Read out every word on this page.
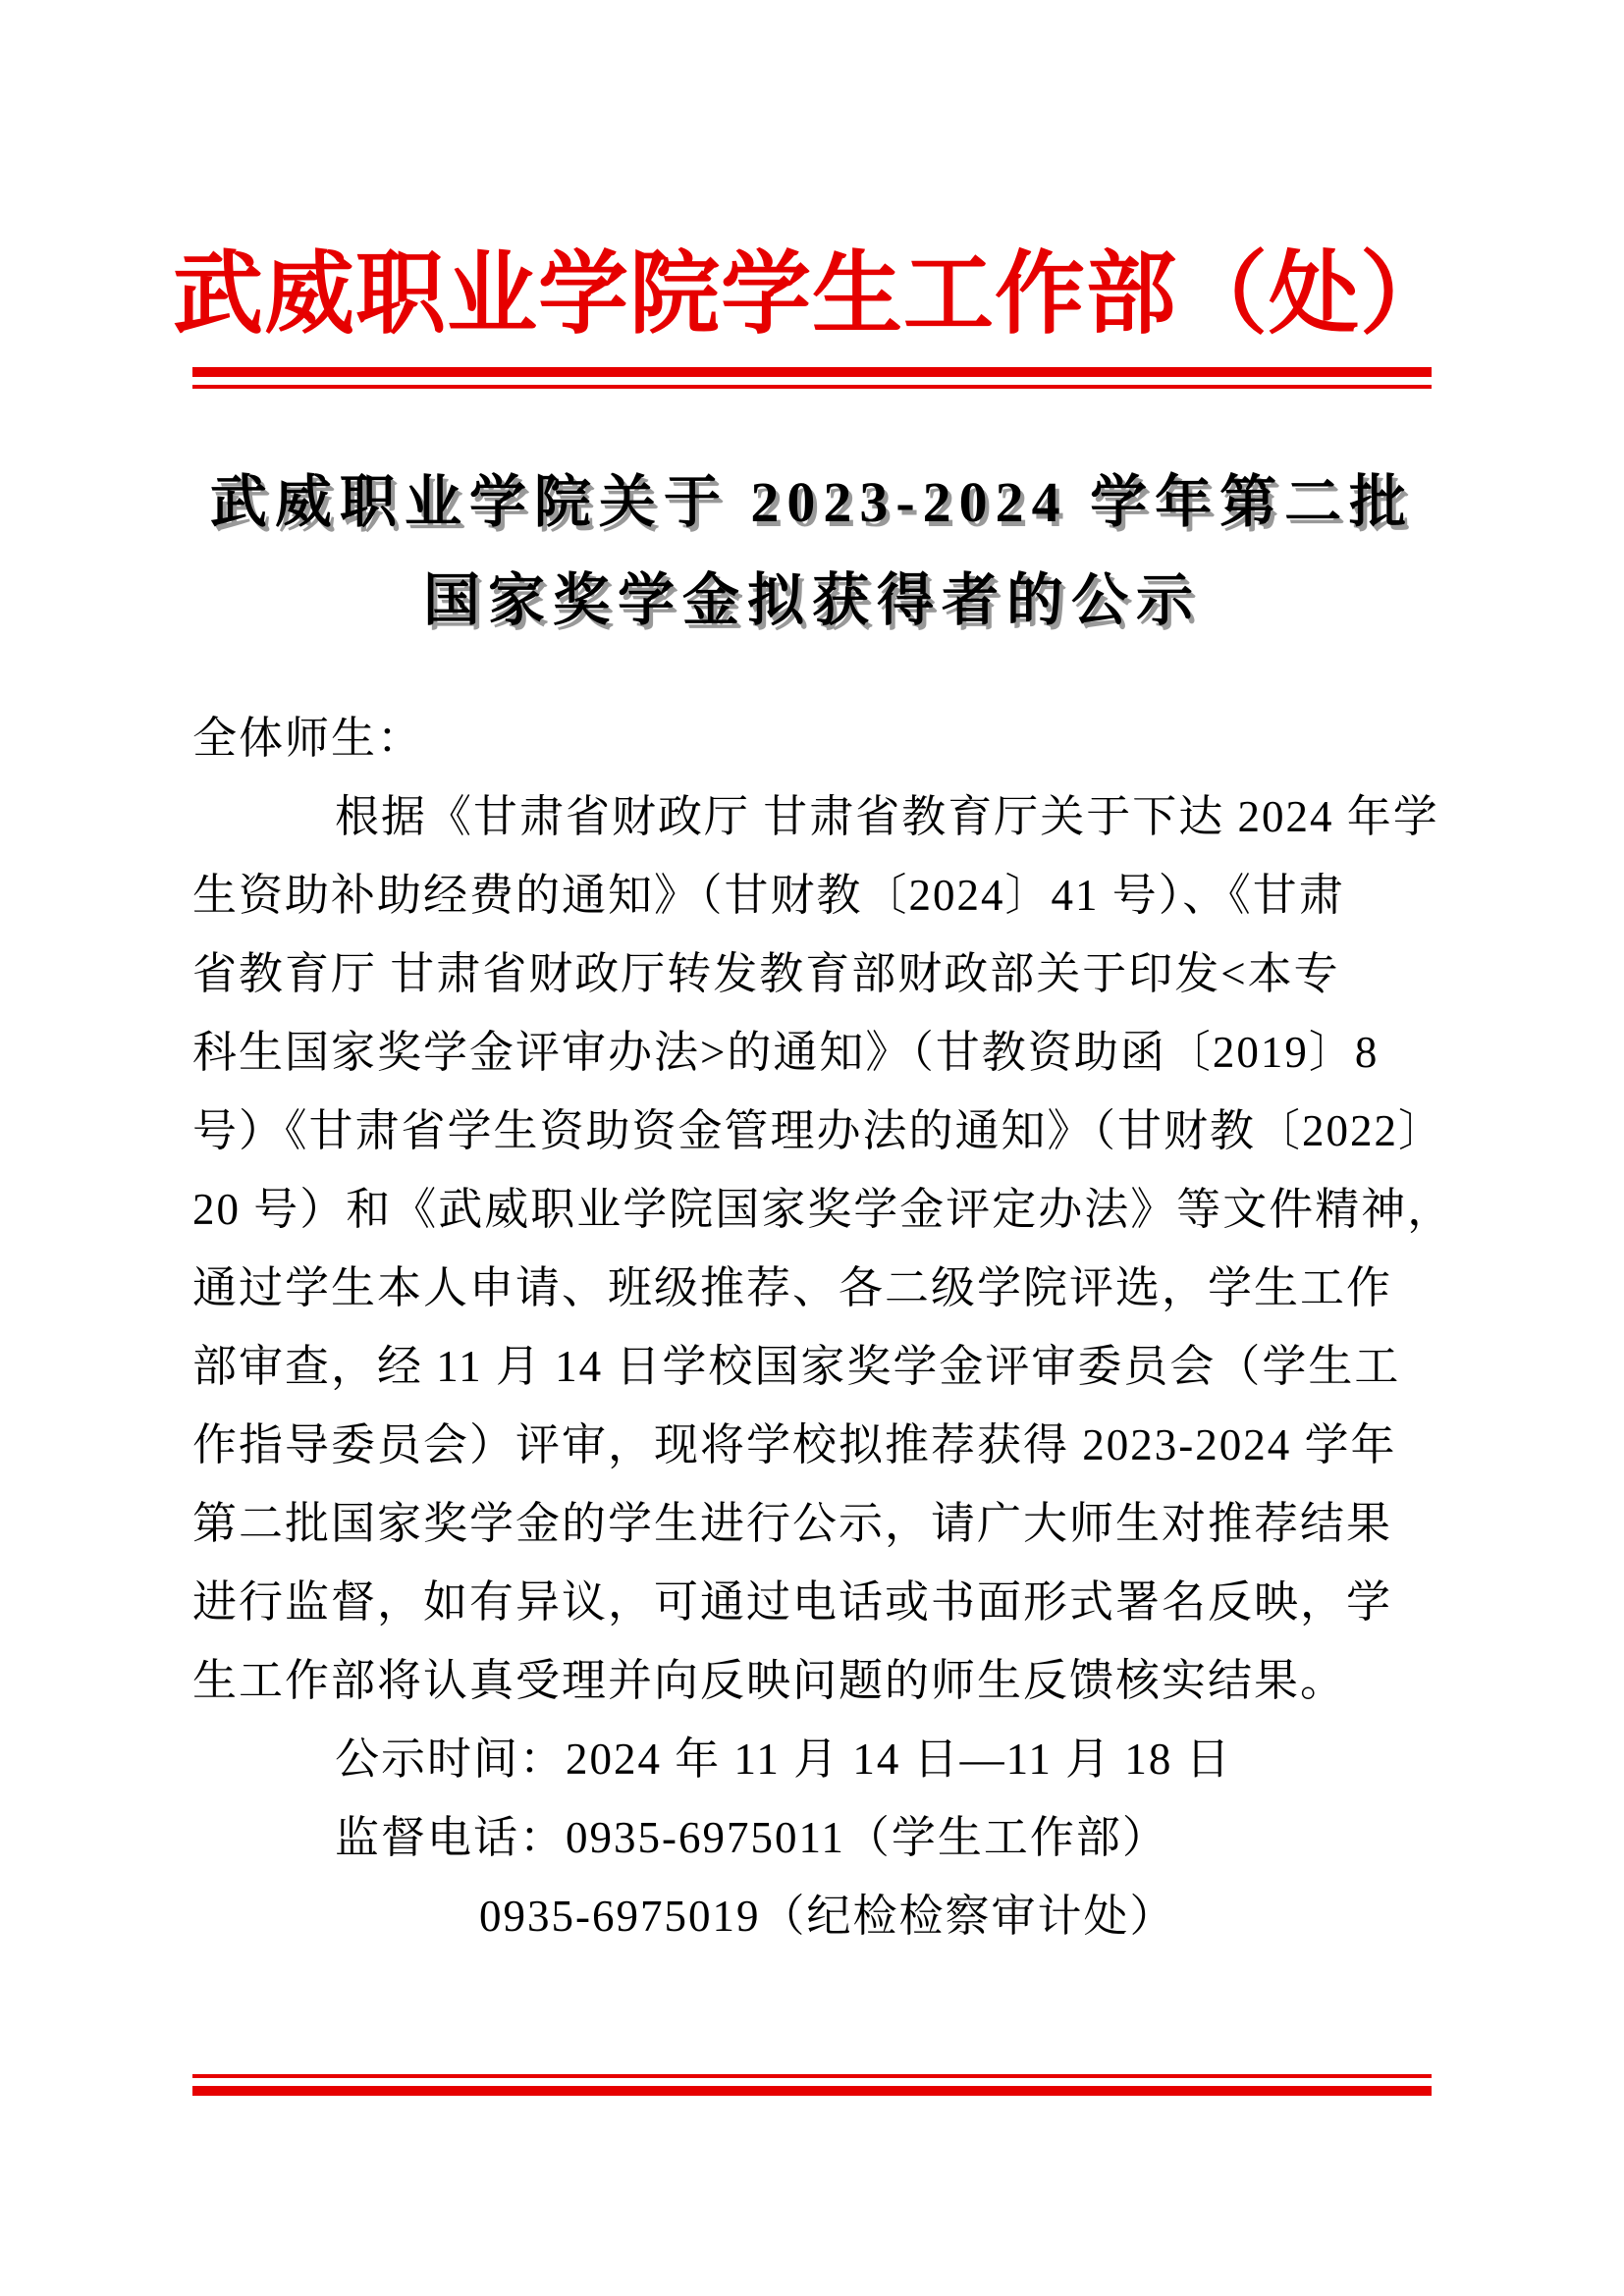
武威职业学院学生工作部（处）
武威职业学院关于 2023-2024 学年第二批
国家奖学金拟获得者的公示
全体师生：
根据《甘肃省财政厅 甘肃省教育厅关于下达 2024 年学
生资助补助经费的通知》（甘财教〔2024〕41 号）、《甘肃
省教育厅 甘肃省财政厅转发教育部财政部关于印发<本专
科生国家奖学金评审办法>的通知》（甘教资助函〔2019〕8
号）《甘肃省学生资助资金管理办法的通知》（甘财教〔2022〕
20 号）和《武威职业学院国家奖学金评定办法》等文件精神，
通过学生本人申请、班级推荐、各二级学院评选，学生工作
部审查，经 11 月 14 日学校国家奖学金评审委员会（学生工
作指导委员会）评审，现将学校拟推荐获得 2023-2024 学年
第二批国家奖学金的学生进行公示，请广大师生对推荐结果
进行监督，如有异议，可通过电话或书面形式署名反映，学
生工作部将认真受理并向反映问题的师生反馈核实结果。
公示时间：2024 年 11 月 14 日—11 月 18 日
监督电话：0935-6975011（学生工作部）
0935-6975019（纪检检察审计处）
